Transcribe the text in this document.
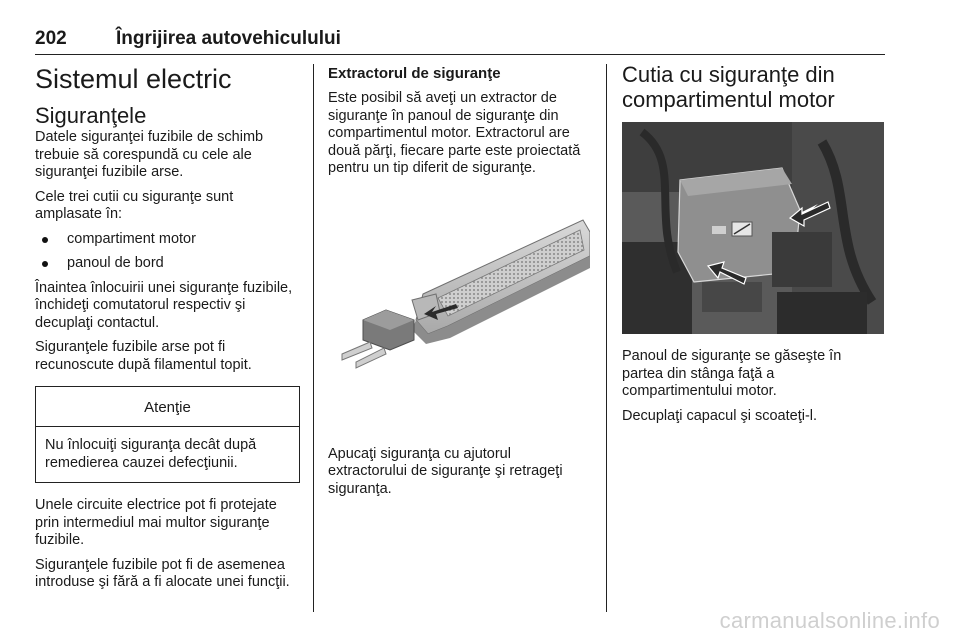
202	Îngrijirea autovehiculului
Sistemul electric
Siguranţele

Datele siguranţei fuzibile de schimb trebuie să corespundă cu cele ale siguranţei fuzibile arse.

Cele trei cutii cu siguranţe sunt amplasate în:

compartiment motor
panoul de bord

Înaintea înlocuirii unei siguranţe fuzibile, închideţi comutatorul respectiv şi decuplaţi contactul.

Siguranţele fuzibile arse pot fi recunoscute după filamentul topit.

Atenţie
Nu înlocuiţi siguranţa decât după remedierea cauzei defecţiunii.

Unele circuite electrice pot fi protejate prin intermediul mai multor siguranţe fuzibile.

Siguranţele fuzibile pot fi de asemenea introduse şi fără a fi alocate unei funcţii.

Extractorul de siguranţe

Este posibil să aveţi un extractor de siguranţe în panoul de siguranţe din compartimentul motor. Extractorul are două părţi, fiecare parte este proiectată pentru un tip diferit de siguranţe.

Apucaţi siguranţa cu ajutorul extractorului de siguranţe şi retrageţi siguranţa.

Cutia cu siguranţe din compartimentul motor

Panoul de siguranţe se găseşte în partea din stânga faţă a compartimentului motor.

Decuplaţi capacul şi scoateţi-l.

carmanualsonline.info
